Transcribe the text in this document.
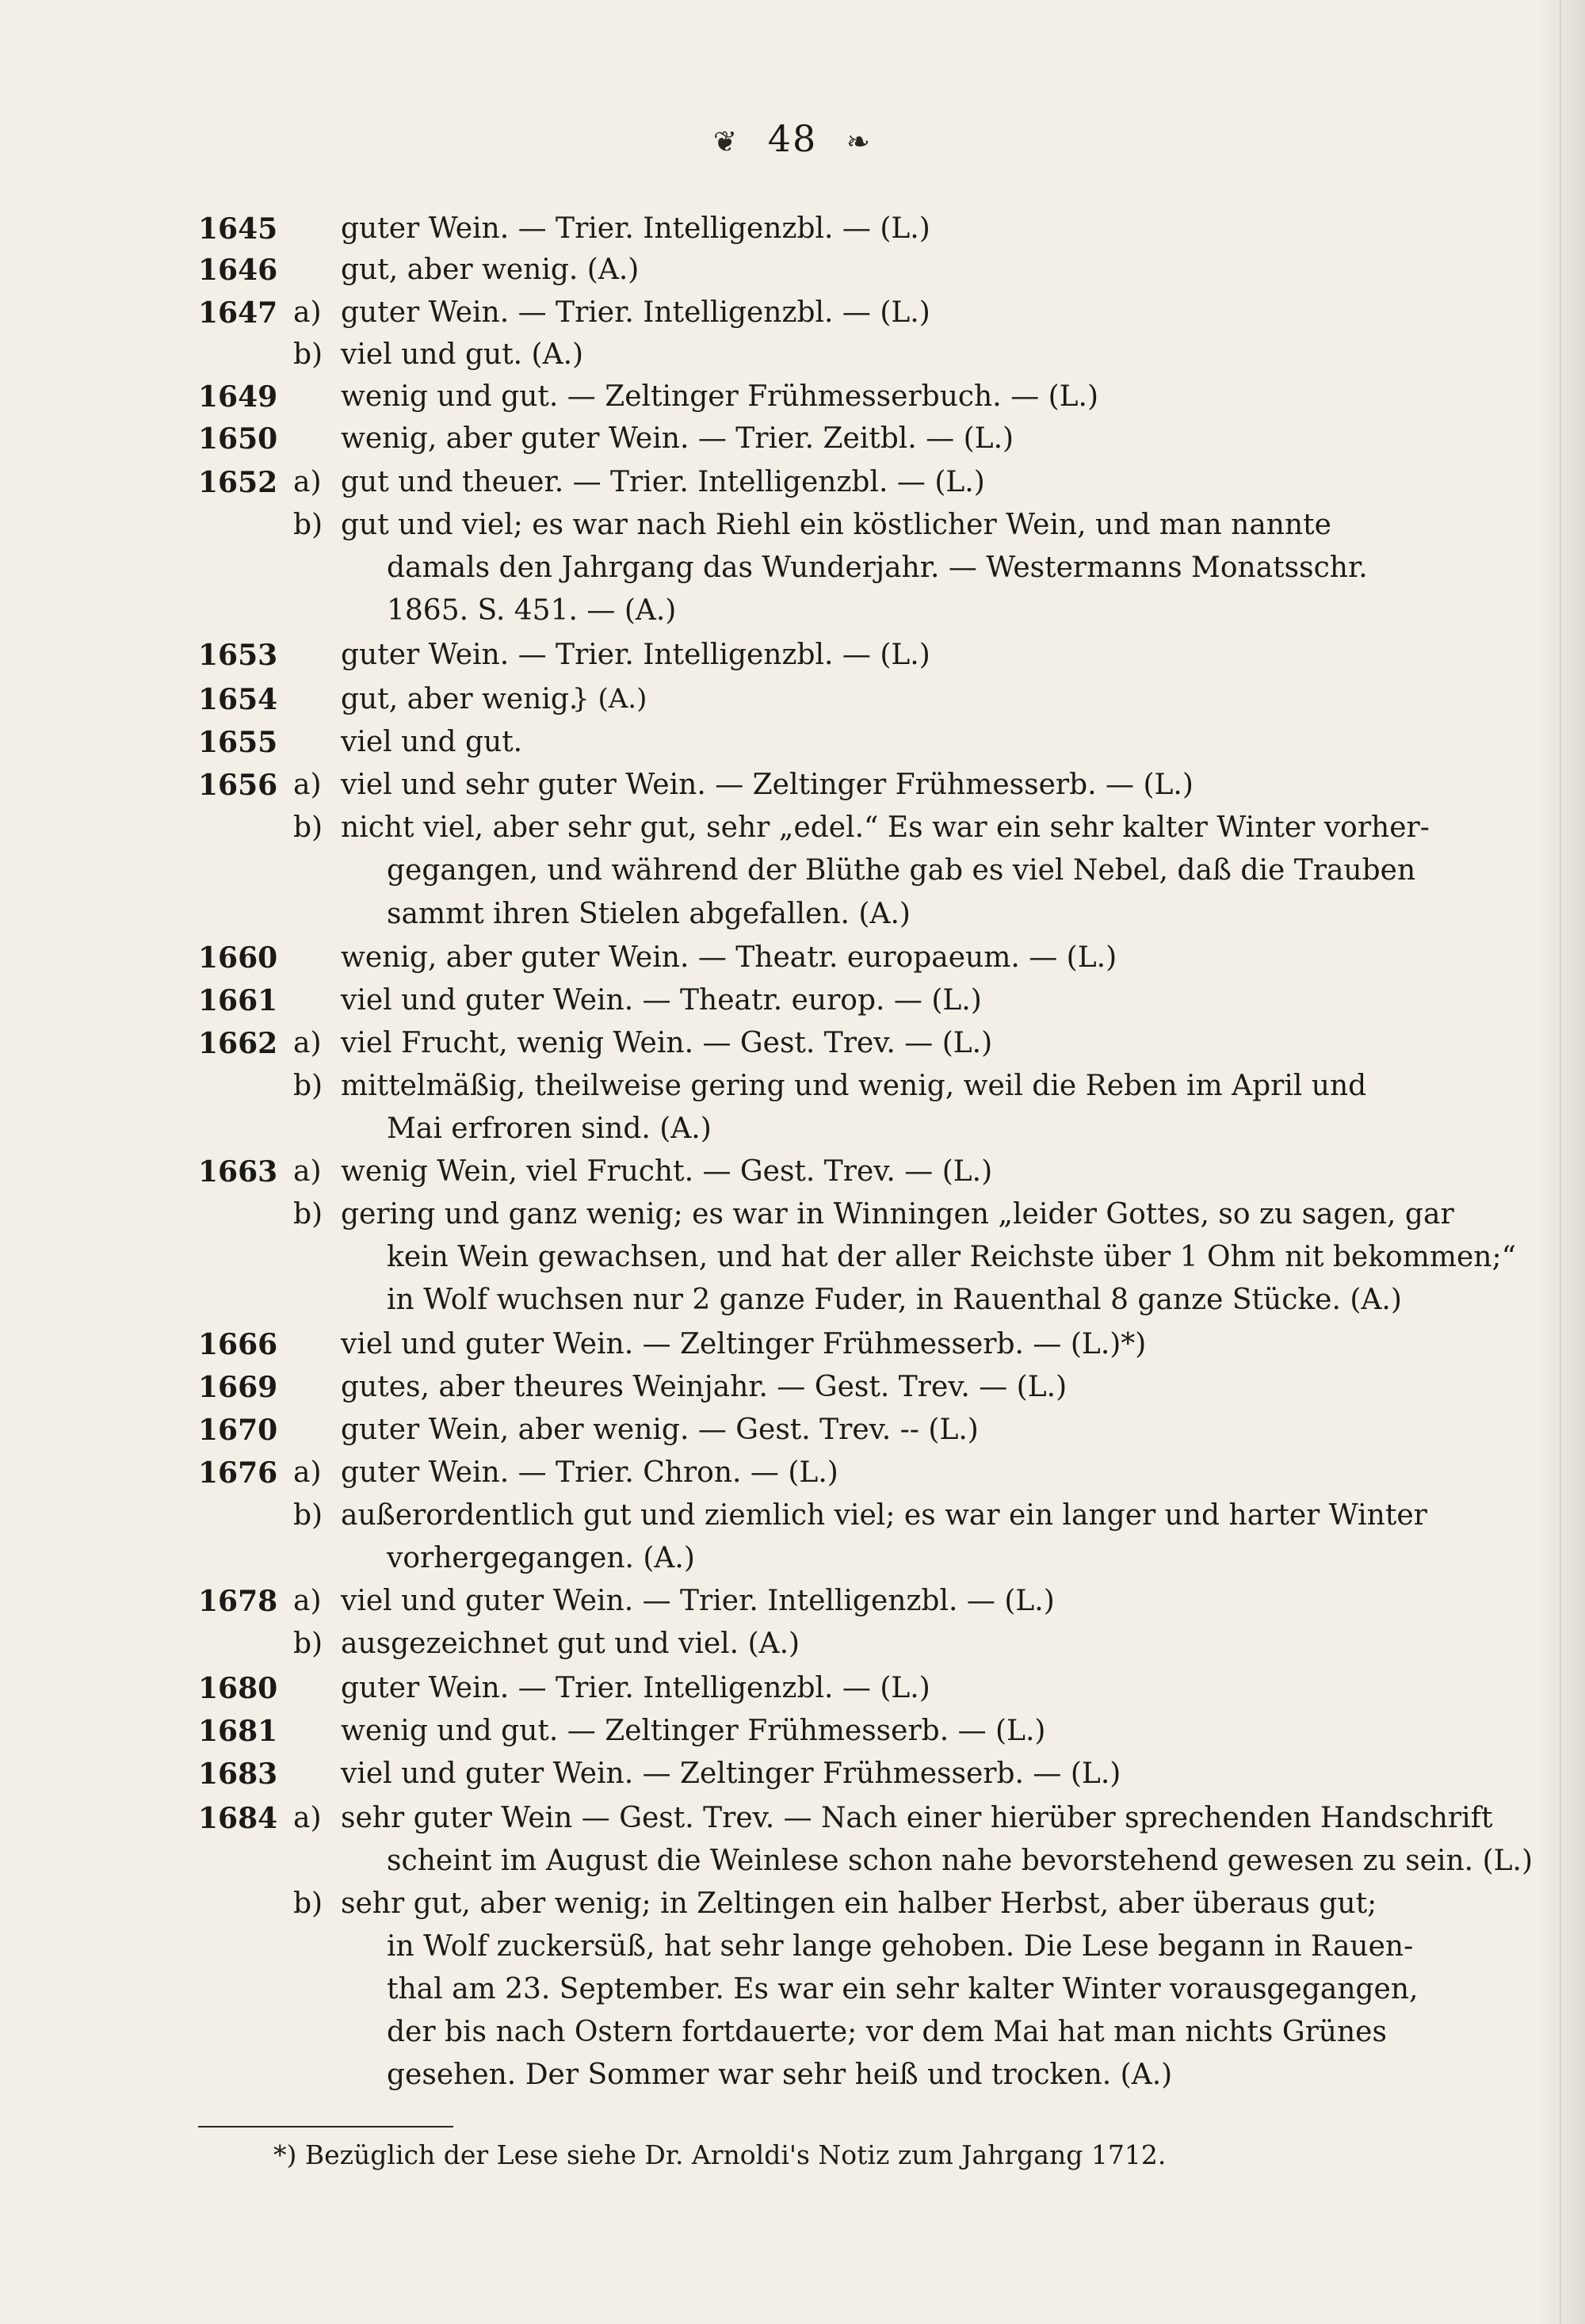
❦ 48 ❧
1645 guter Wein. — Trier. Intelligenzbl. — (L.)
1646 gut, aber wenig. (A.)
1647 a) guter Wein. — Trier. Intelligenzbl. — (L.)
b) viel und gut. (A.)
1649 wenig und gut. — Zeltinger Frühmesserbuch. — (L.)
1650 wenig, aber guter Wein. — Trier. Zeitbl. — (L.)
1652 a) gut und theuer. — Trier. Intelligenzbl. — (L.)
b) gut und viel; es war nach Riehl ein köstlicher Wein, und man nannte
damals den Jahrgang das Wunderjahr. — Westermanns Monatsschr.
1865. S. 451. — (A.)
1653 guter Wein. — Trier. Intelligenzbl. — (L.)
1654 gut, aber wenig.
1655 viel und gut.
1656 a) viel und sehr guter Wein. — Zeltinger Frühmesserb. — (L.)
b) nicht viel, aber sehr gut, sehr „edel.“ Es war ein sehr kalter Winter vorher-
gegangen, und während der Blüthe gab es viel Nebel, daß die Trauben
sammt ihren Stielen abgefallen. (A.)
1660 wenig, aber guter Wein. — Theatr. europaeum. — (L.)
1661 viel und guter Wein. — Theatr. europ. — (L.)
1662 a) viel Frucht, wenig Wein. — Gest. Trev. — (L.)
b) mittelmäßig, theilweise gering und wenig, weil die Reben im April und
Mai erfroren sind. (A.)
1663 a) wenig Wein, viel Frucht. — Gest. Trev. — (L.)
b) gering und ganz wenig; es war in Winningen „leider Gottes, so zu sagen, gar
kein Wein gewachsen, und hat der aller Reichste über 1 Ohm nit bekommen;“
in Wolf wuchsen nur 2 ganze Fuder, in Rauenthal 8 ganze Stücke. (A.)
1666 viel und guter Wein. — Zeltinger Frühmesserb. — (L.)*)
1669 gutes, aber theures Weinjahr. — Gest. Trev. — (L.)
1670 guter Wein, aber wenig. — Gest. Trev. -- (L.)
1676 a) guter Wein. — Trier. Chron. — (L.)
b) außerordentlich gut und ziemlich viel; es war ein langer und harter Winter
vorhergegangen. (A.)
1678 a) viel und guter Wein. — Trier. Intelligenzbl. — (L.)
b) ausgezeichnet gut und viel. (A.)
1680 guter Wein. — Trier. Intelligenzbl. — (L.)
1681 wenig und gut. — Zeltinger Frühmesserb. — (L.)
1683 viel und guter Wein. — Zeltinger Frühmesserb. — (L.)
1684 a) sehr guter Wein — Gest. Trev. — Nach einer hierüber sprechenden Handschrift
scheint im August die Weinlese schon nahe bevorstehend gewesen zu sein. (L.)
b) sehr gut, aber wenig; in Zeltingen ein halber Herbst, aber überaus gut;
in Wolf zuckersüß, hat sehr lange gehoben. Die Lese begann in Rauen-
thal am 23. September. Es war ein sehr kalter Winter vorausgegangen,
der bis nach Ostern fortdauerte; vor dem Mai hat man nichts Grünes
gesehen. Der Sommer war sehr heiß und trocken. (A.)
} (A.)
*) Bezüglich der Lese siehe Dr. Arnoldi's Notiz zum Jahrgang 1712.
